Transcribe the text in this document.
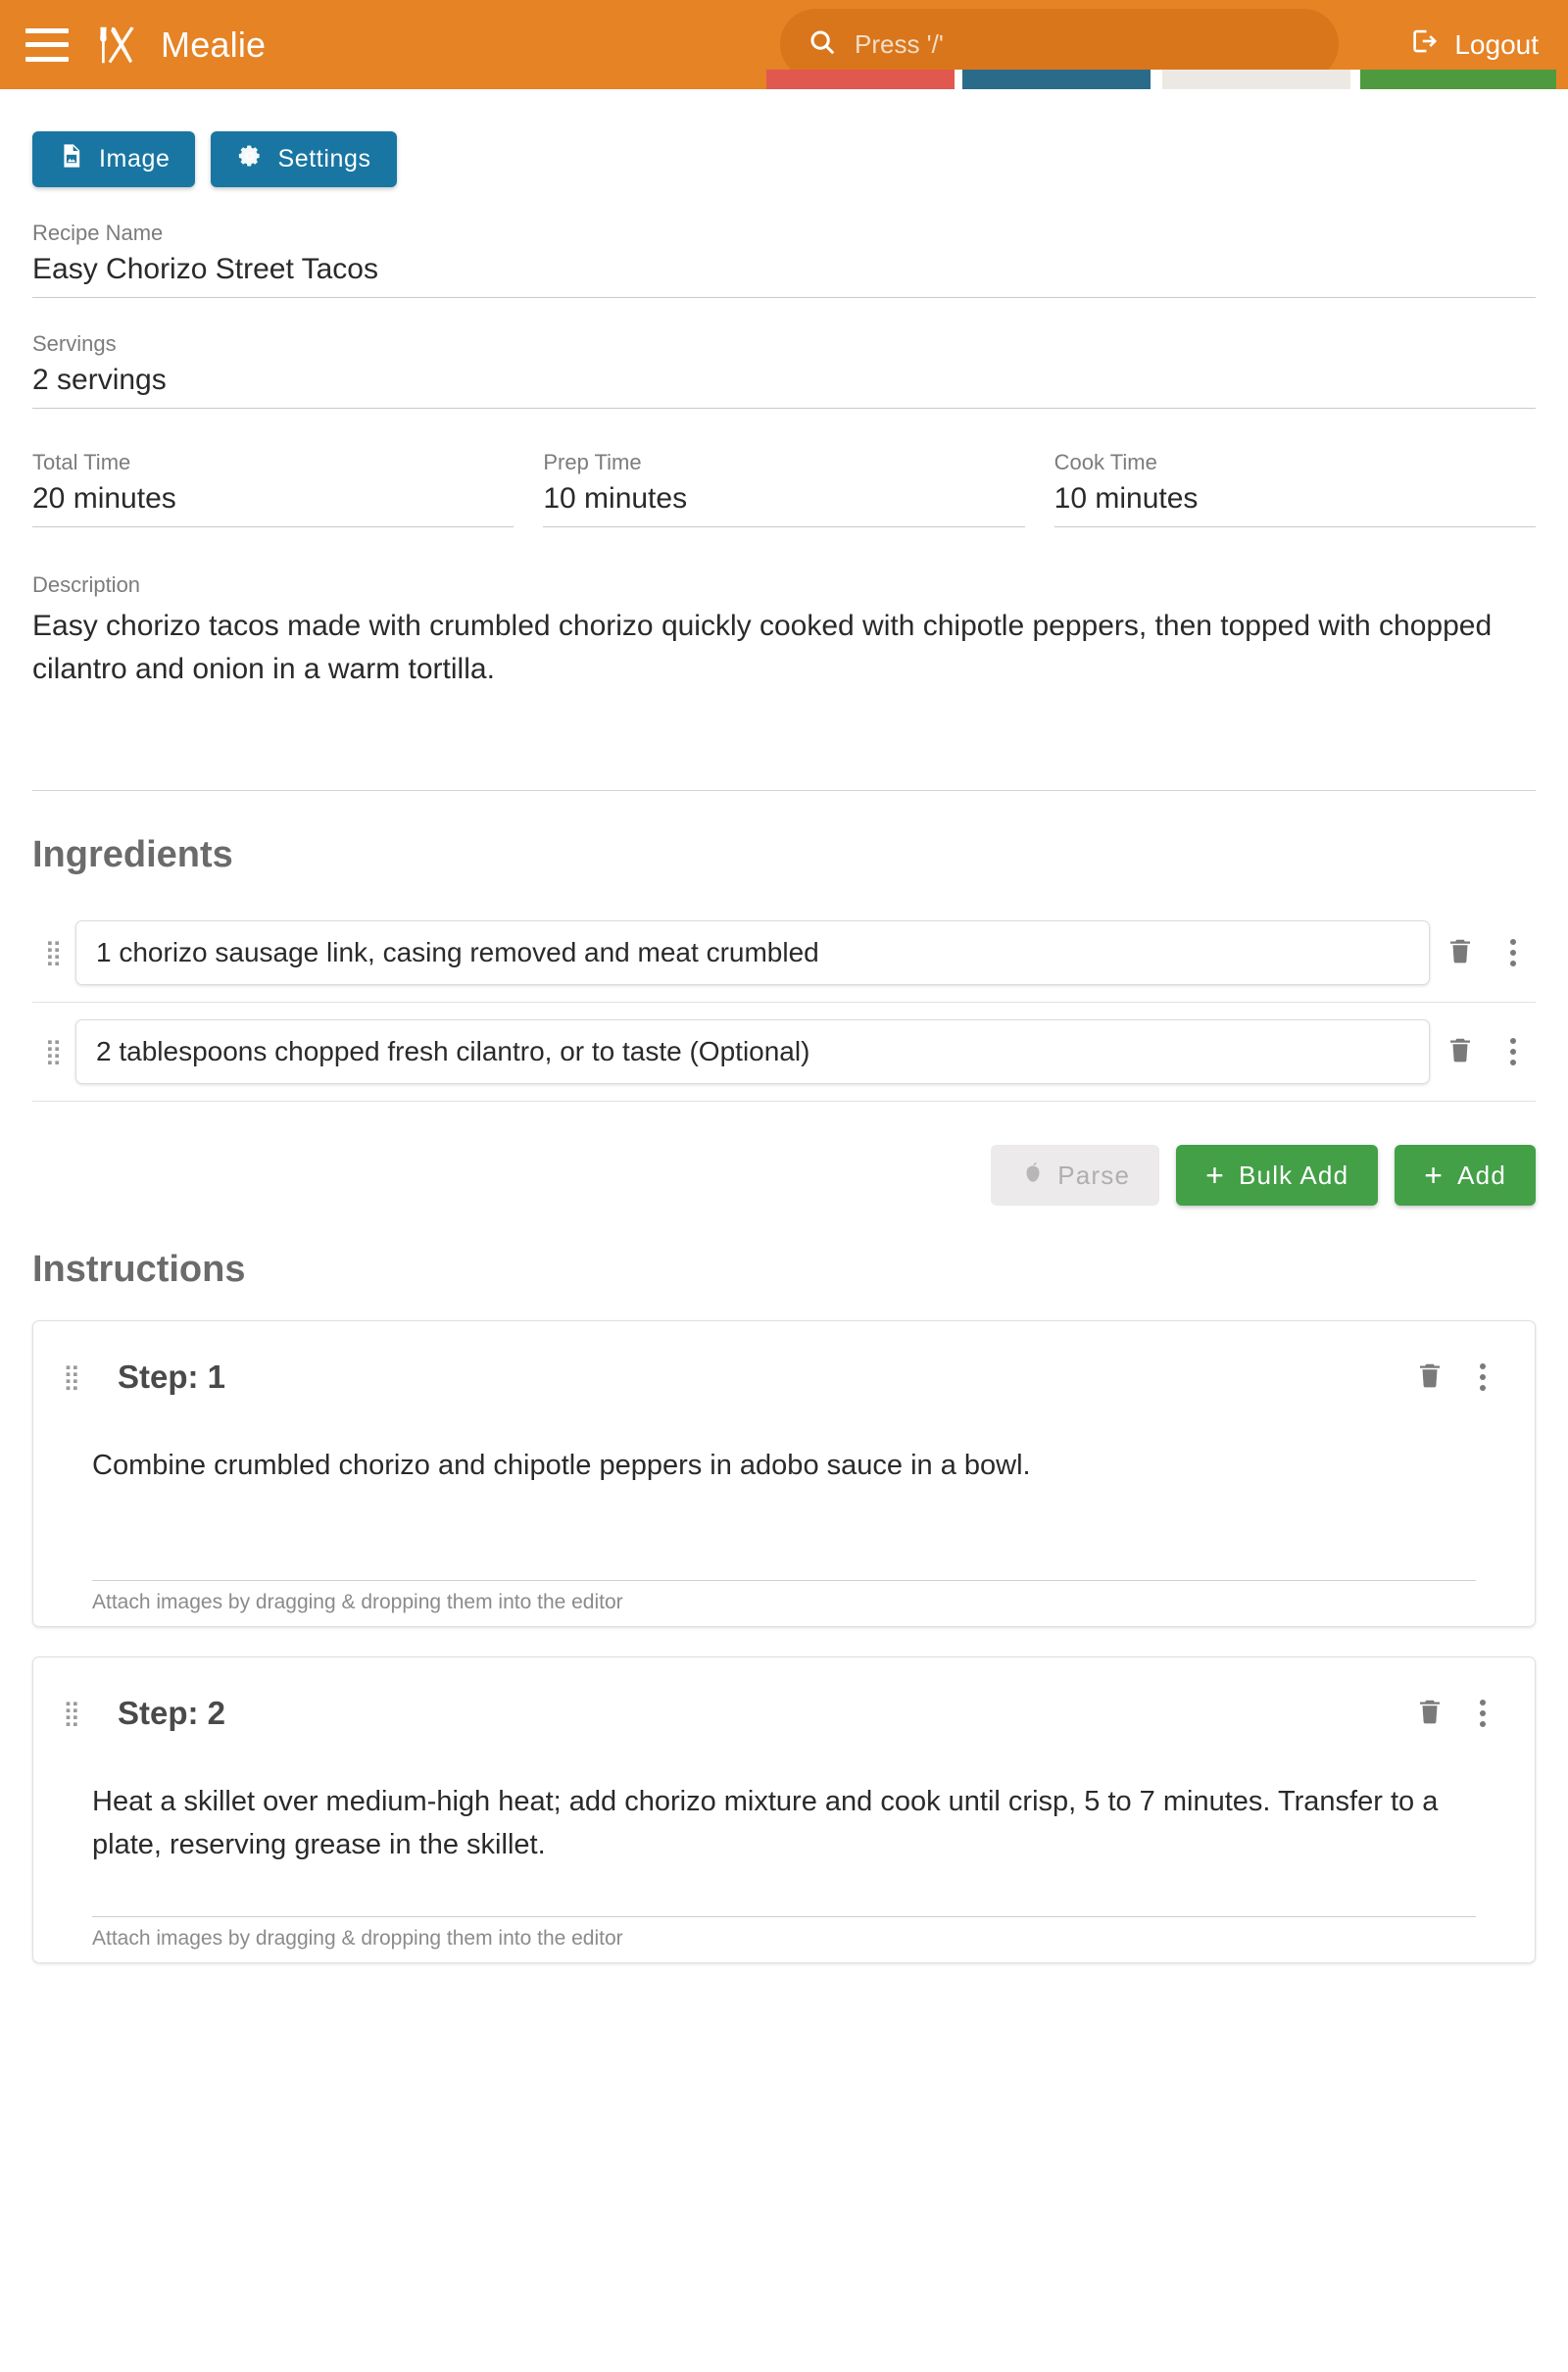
Mealie	Press '/'	Logout
Image	Settings
Recipe Name
Easy Chorizo Street Tacos
Servings
2 servings
Total Time
20 minutes
Prep Time
10 minutes
Cook Time
10 minutes
Description
Easy chorizo tacos made with crumbled chorizo quickly cooked with chipotle peppers, then topped with chopped cilantro and onion in a warm tortilla.
Ingredients
⣿	1 chorizo sausage link, casing removed and meat crumbled
⣿	2 tablespoons chopped fresh cilantro, or to taste (Optional)
Parse + Bulk Add + Add
Instructions
⣿	Step: 1
Combine crumbled chorizo and chipotle peppers in adobo sauce in a bowl.
Attach images by dragging & dropping them into the editor
⣿	Step: 2
Heat a skillet over medium-high heat; add chorizo mixture and cook until crisp, 5 to 7 minutes. Transfer to a plate, reserving grease in the skillet.
Attach images by dragging & dropping them into the editor
